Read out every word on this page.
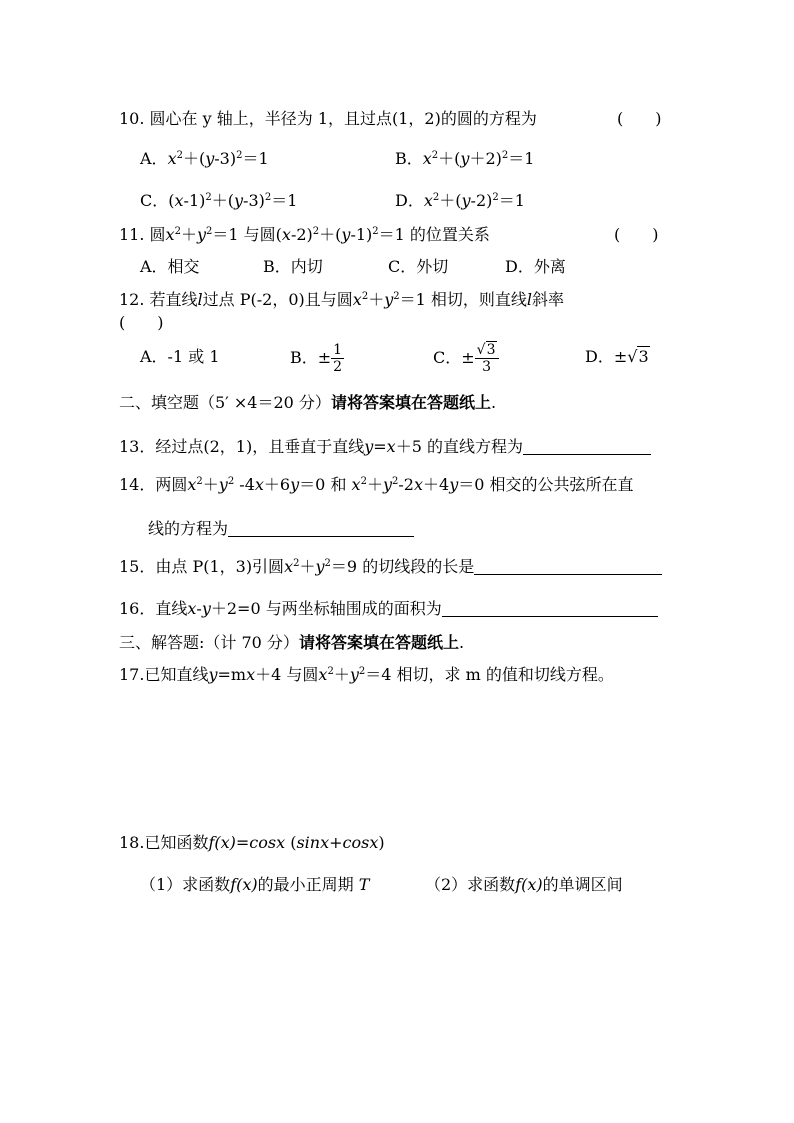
10. 圆心在 y 轴上，半径为 1，且过点(1，2)的圆的方程为	(　　)
A．$x^2+(y-3)^2=1$	B．$x^2+(y+2)^2=1$
C．$(x-1)^2+(y-3)^2=1$	D．$x^2+(y-2)^2=1$
11. 圆$x^2+y^2=1$ 与圆$(x-2)^2+(y-1)^2=1$ 的位置关系	(　　)
A．相交	B．内切	C．外切	D．外离
12. 若直线l过点 P(-2，0)且与圆$x^2+y^2=1$ 相切，则直线l斜率
(　　)
A．-1 或 1	B．± $\frac{1}{2}$	C．± $\frac{√3}{3}$	D．±√3
二、填空题（5′ ×4＝20 分）请将答案填在答题纸上.
13．经过点(2，1)，且垂直于直线y=x＋5 的直线方程为
14．两圆$x^2+y^2$ -4x＋6y＝0 和 $x^2+y^2-2x+4y=0$ 相交的公共弦所在直
线的方程为
15．由点 P(1，3)引圆$x^2+y^2=9$ 的切线段的长是
16．直线x-y＋2=0 与两坐标轴围成的面积为
三、解答题:（计 70 分）请将答案填在答题纸上.
17.已知直线y=mx＋4 与圆$x^2+y^2=4$ 相切，求 m 的值和切线方程。
18.已知函数f(x)=cosx (sinx+cosx)
（1）求函数f(x)的最小正周期 T	（2）求函数f(x)的单调区间
